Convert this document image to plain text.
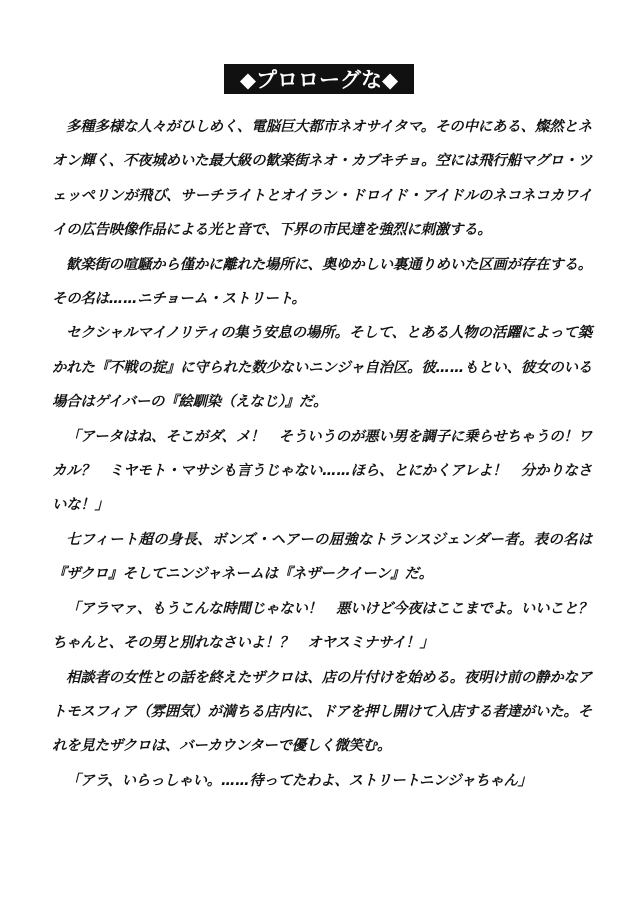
◆プロローグな◆

多種多様な人々がひしめく、電脳巨大都市ネオサイタマ。その中にある、燦然とネオン輝く、不夜城めいた最大級の歓楽街ネオ・カブキチョ。空には飛行船マグロ・ツェッペリンが飛び、サーチライトとオイラン・ドロイド・アイドルのネコネコカワイイの広告映像作品による光と音で、下界の市民達を強烈に刺激する。

歓楽街の喧騒から僅かに離れた場所に、奥ゆかしい裏通りめいた区画が存在する。その名は……ニチョーム・ストリート。

セクシャルマイノリティの集う安息の場所。そして、とある人物の活躍によって築かれた『不戦の掟』に守られた数少ないニンジャ自治区。彼……もとい、彼女のいる場合はゲイバーの『絵馴染（えなじ）』だ。

「アータはね、そこがダ、メ！　そういうのが悪い男を調子に乗らせちゃうの！ワカル？　ミヤモト・マサシも言うじゃない……ほら、とにかくアレよ！　分かりなさいな！」

七フィート超の身長、ボンズ・ヘアーの屈強なトランスジェンダー者。表の名は『ザクロ』そしてニンジャネームは『ネザークイーン』だ。

「アラマァ、もうこんな時間じゃない！　悪いけど今夜はここまでよ。いいこと？ちゃんと、その男と別れなさいよ！？　オヤスミナサイ！」

相談者の女性との話を終えたザクロは、店の片付けを始める。夜明け前の静かなアトモスフィア（雰囲気）が満ちる店内に、ドアを押し開けて入店する者達がいた。それを見たザクロは、バーカウンターで優しく微笑む。

「アラ、いらっしゃい。……待ってたわよ、ストリートニンジャちゃん」
